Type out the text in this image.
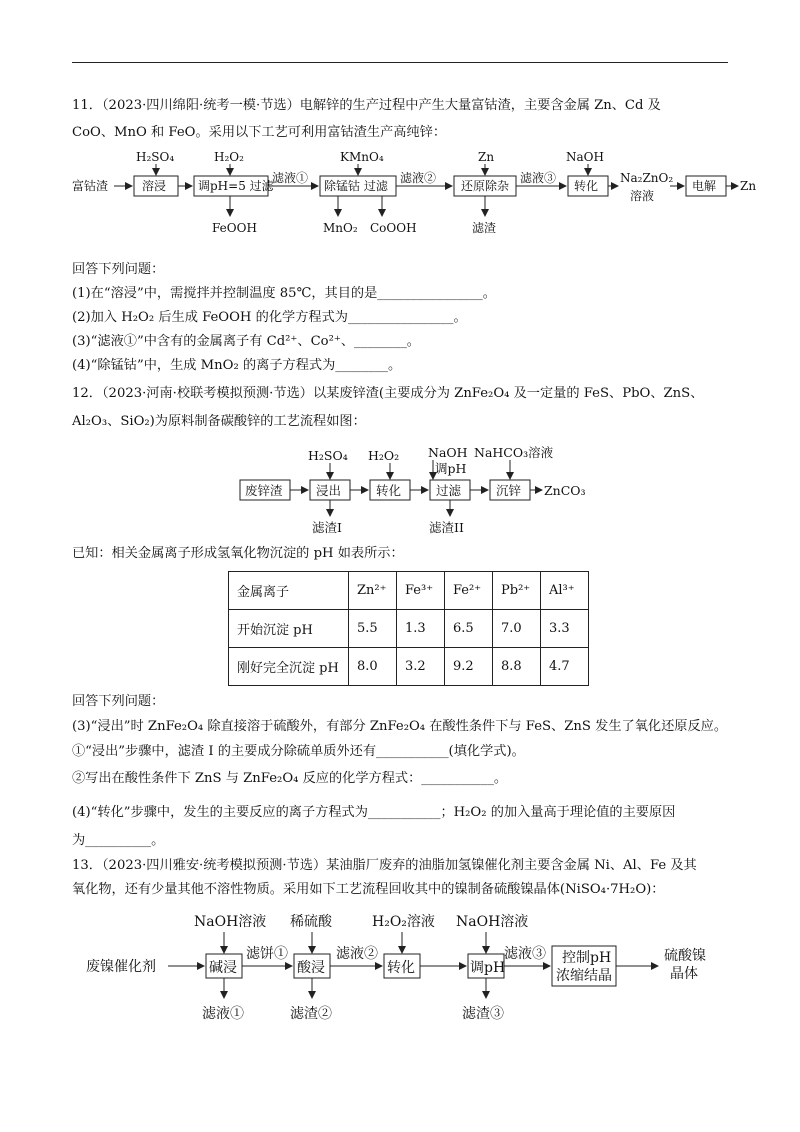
11．（2023·四川绵阳·统考一模·节选）电解锌的生产过程中产生大量富钴渣，主要含金属 Zn、Cd 及
CoO、MnO 和 FeO。采用以下工艺可利用富钴渣生产高纯锌：
富钴渣	溶浸
H₂SO₄
调pH=5 过滤
H₂O₂
FeOOH
滤液①
除锰钴 过滤
KMnO₄
MnO₂ CoOOH
滤液②
还原除杂
Zn
滤渣
滤液③
转化
NaOH
Na₂ZnO₂
溶液
电解 Zn
回答下列问题：
(1)在“溶浸”中，需搅拌并控制温度 85℃，其目的是________________。
(2)加入 H₂O₂ 后生成 FeOOH 的化学方程式为________________。
(3)“滤液①”中含有的金属离子有 Cd²⁺、Co²⁺、________。
(4)“除锰钴”中，生成 MnO₂ 的离子方程式为________。
12．（2023·河南·校联考模拟预测·节选）以某废锌渣(主要成分为 ZnFe₂O₄ 及一定量的 FeS、PbO、ZnS、
Al₂O₃、SiO₂)为原料制备碳酸锌的工艺流程如图：
废锌渣	浸出
H₂SO₄
滤渣I
转化
H₂O₂
过滤
NaOH
调pH
滤渣II
沉锌
NaHCO₃溶液
ZnCO₃
已知：相关金属离子形成氢氧化物沉淀的 pH 如表所示：
金属离子	Zn²⁺	Fe³⁺	Fe²⁺	Pb²⁺	Al³⁺
开始沉淀 pH	5.5	1.3	6.5	7.0	3.3
刚好完全沉淀 pH	8.0	3.2	9.2	8.8	4.7
回答下列问题：
(3)“浸出”时 ZnFe₂O₄ 除直接溶于硫酸外，有部分 ZnFe₂O₄ 在酸性条件下与 FeS、ZnS 发生了氧化还原反应。
①“浸出”步骤中，滤渣 I 的主要成分除硫单质外还有___________(填化学式)。
②写出在酸性条件下 ZnS 与 ZnFe₂O₄ 反应的化学方程式：___________。
(4)“转化”步骤中，发生的主要反应的离子方程式为___________；H₂O₂ 的加入量高于理论值的主要原因
为__________。
13．（2023·四川雅安·统考模拟预测·节选）某油脂厂废弃的油脂加氢镍催化剂主要含金属 Ni、Al、Fe 及其
氧化物，还有少量其他不溶性物质。采用如下工艺流程回收其中的镍制备硫酸镍晶体(NiSO₄·7H₂O)：
废镍催化剂	碱浸
NaOH溶液
滤液①
滤饼①
酸浸
稀硫酸
滤渣②
滤液②
转化
H₂O₂溶液
调pH
NaOH溶液
滤渣③
滤液③ 控制pH
浓缩结晶
硫酸镍
晶体
